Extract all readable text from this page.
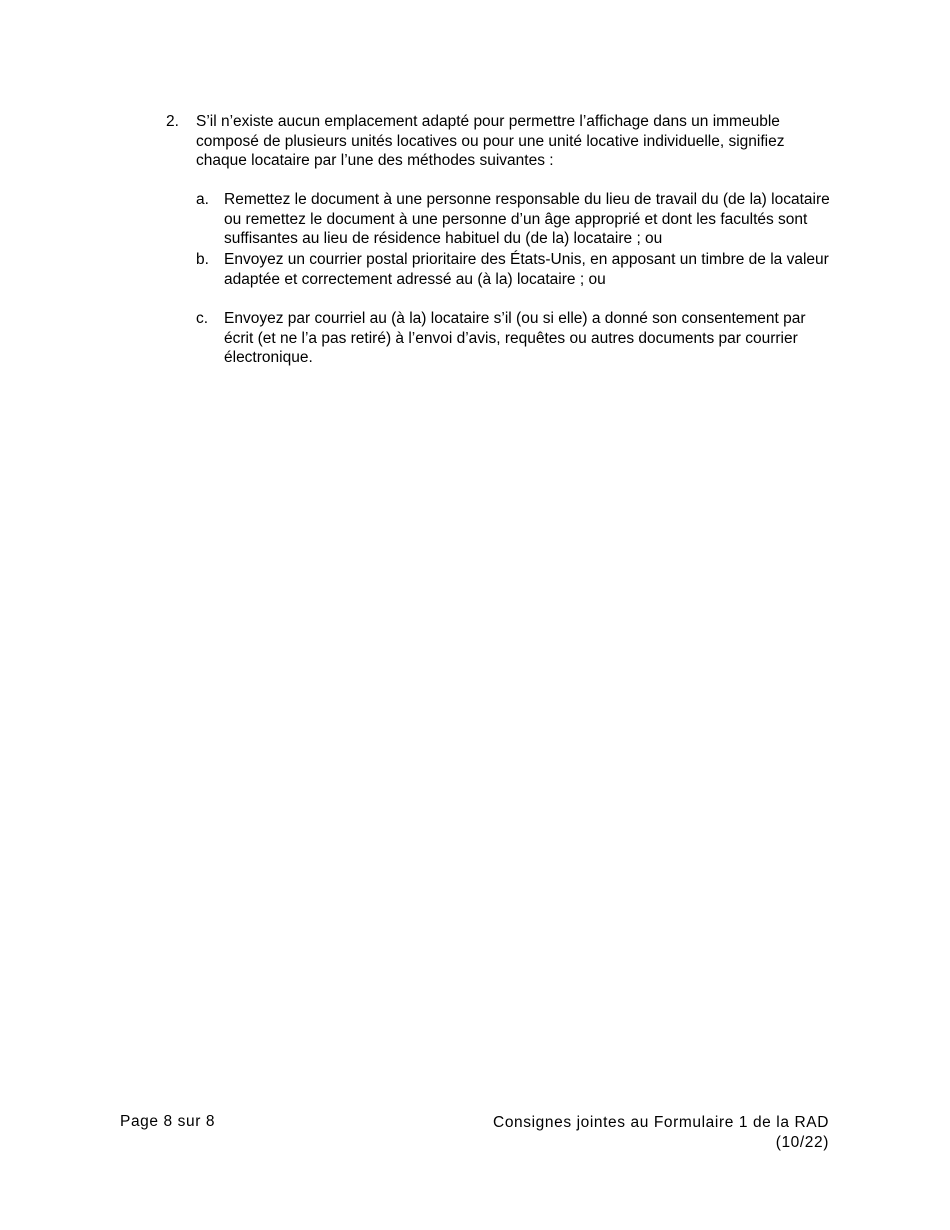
2.	S’il n’existe aucun emplacement adapté pour permettre l’affichage dans un immeuble composé de plusieurs unités locatives ou pour une unité locative individuelle, signifiez chaque locataire par l’une des méthodes suivantes :
a. Remettez le document à une personne responsable du lieu de travail du (de la) locataire ou remettez le document à une personne d’un âge approprié et dont les facultés sont suffisantes au lieu de résidence habituel du (de la) locataire ; ou
b. Envoyez un courrier postal prioritaire des États-Unis, en apposant un timbre de la valeur adaptée et correctement adressé au (à la) locataire ; ou
c.	Envoyez par courriel au (à la) locataire s’il (ou si elle) a donné son consentement par écrit (et ne l’a pas retiré) à l’envoi d’avis, requêtes ou autres documents par courrier électronique.
Page 8 sur 8	Consignes jointes au Formulaire 1 de la RAD
(10/22)
